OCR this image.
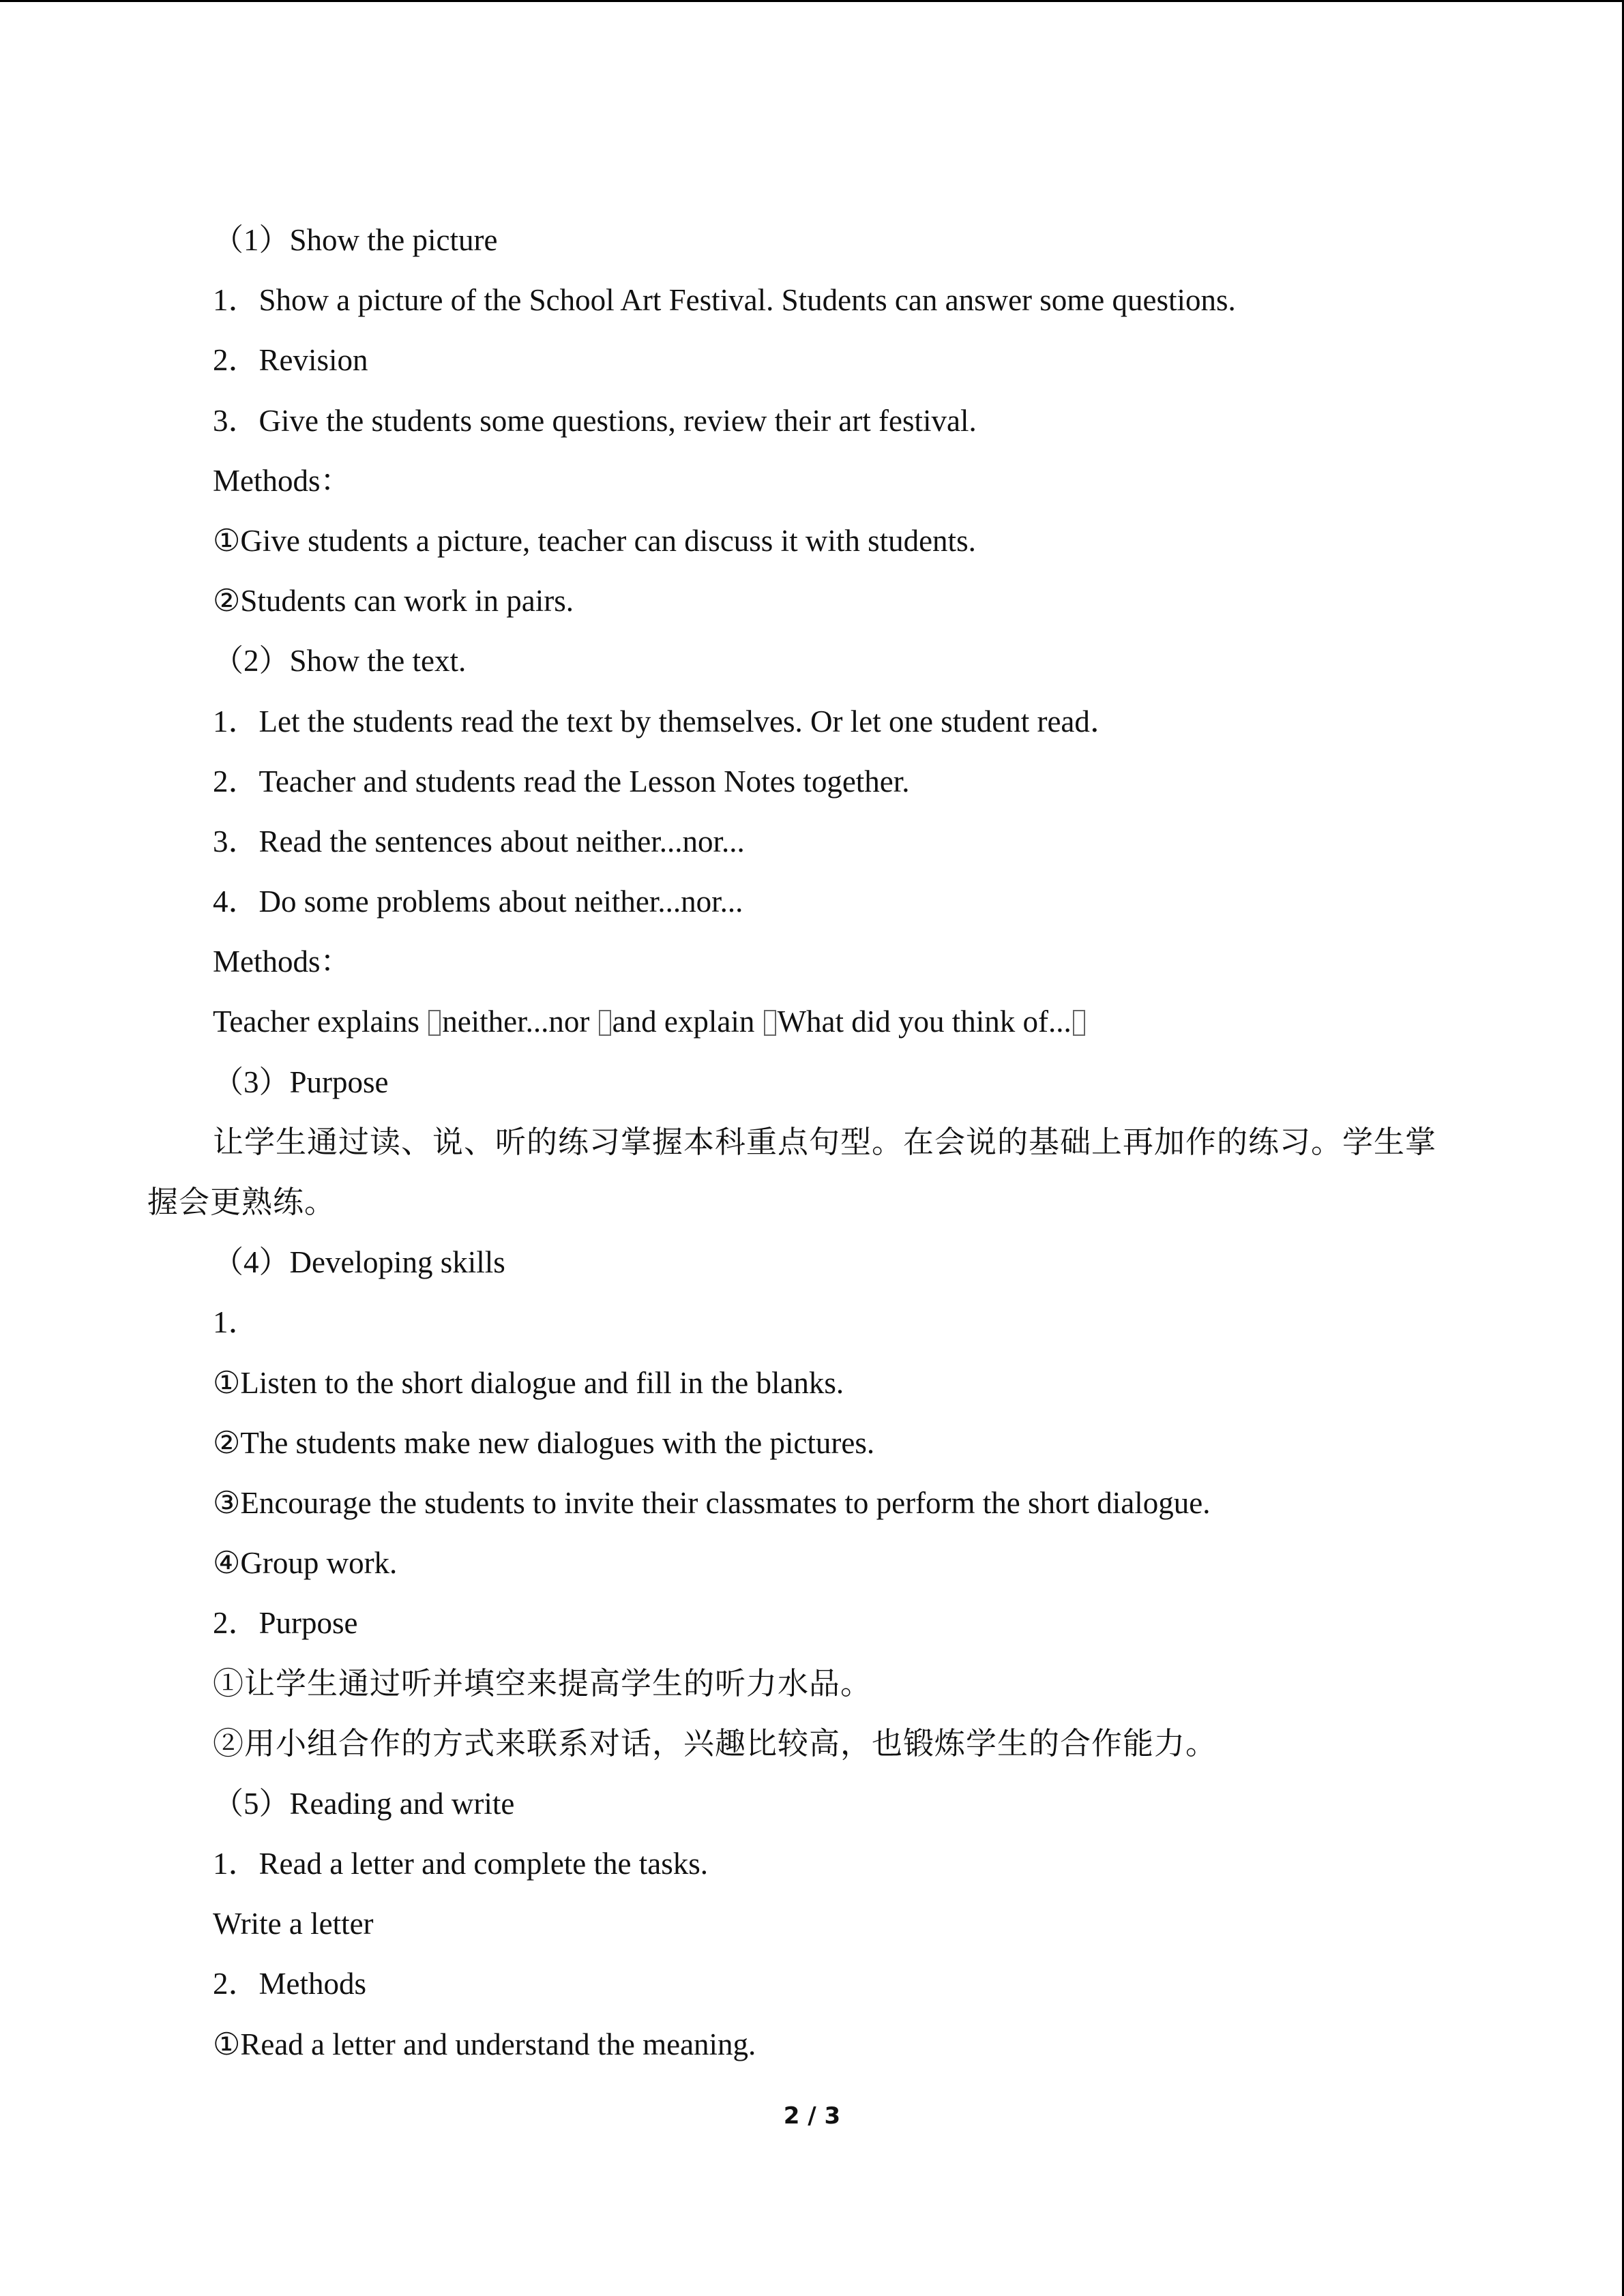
（1）Show the picture
1．Show a picture of the School Art Festival. Students can answer some questions.
2．Revision
3．Give the students some questions, review their art festival.
Methods：
①Give students a picture, teacher can discuss it with students.
②Students can work in pairs.
（2）Show the text.
1．Let the students read the text by themselves. Or let one student read．
2．Teacher and students read the Lesson Notes together.
3．Read the sentences about neither...nor...
4．Do some problems about neither...nor...
Methods：
Teacher explains neither...nor and explain What did you think of...
（3）Purpose
让学生通过读、说、听的练习掌握本科重点句型。在会说的基础上再加作的练习。学生掌握会更熟练。
（4）Developing skills
1．
①Listen to the short dialogue and fill in the blanks.
②The students make new dialogues with the pictures.
③Encourage the students to invite their classmates to perform the short dialogue.
④Group work.
2．Purpose
①让学生通过听并填空来提高学生的听力水品。
②用小组合作的方式来联系对话，兴趣比较高，也锻炼学生的合作能力。
（5）Reading and write
1．Read a letter and complete the tasks.
Write a letter
2．Methods
①Read a letter and understand the meaning.
2 / 3
